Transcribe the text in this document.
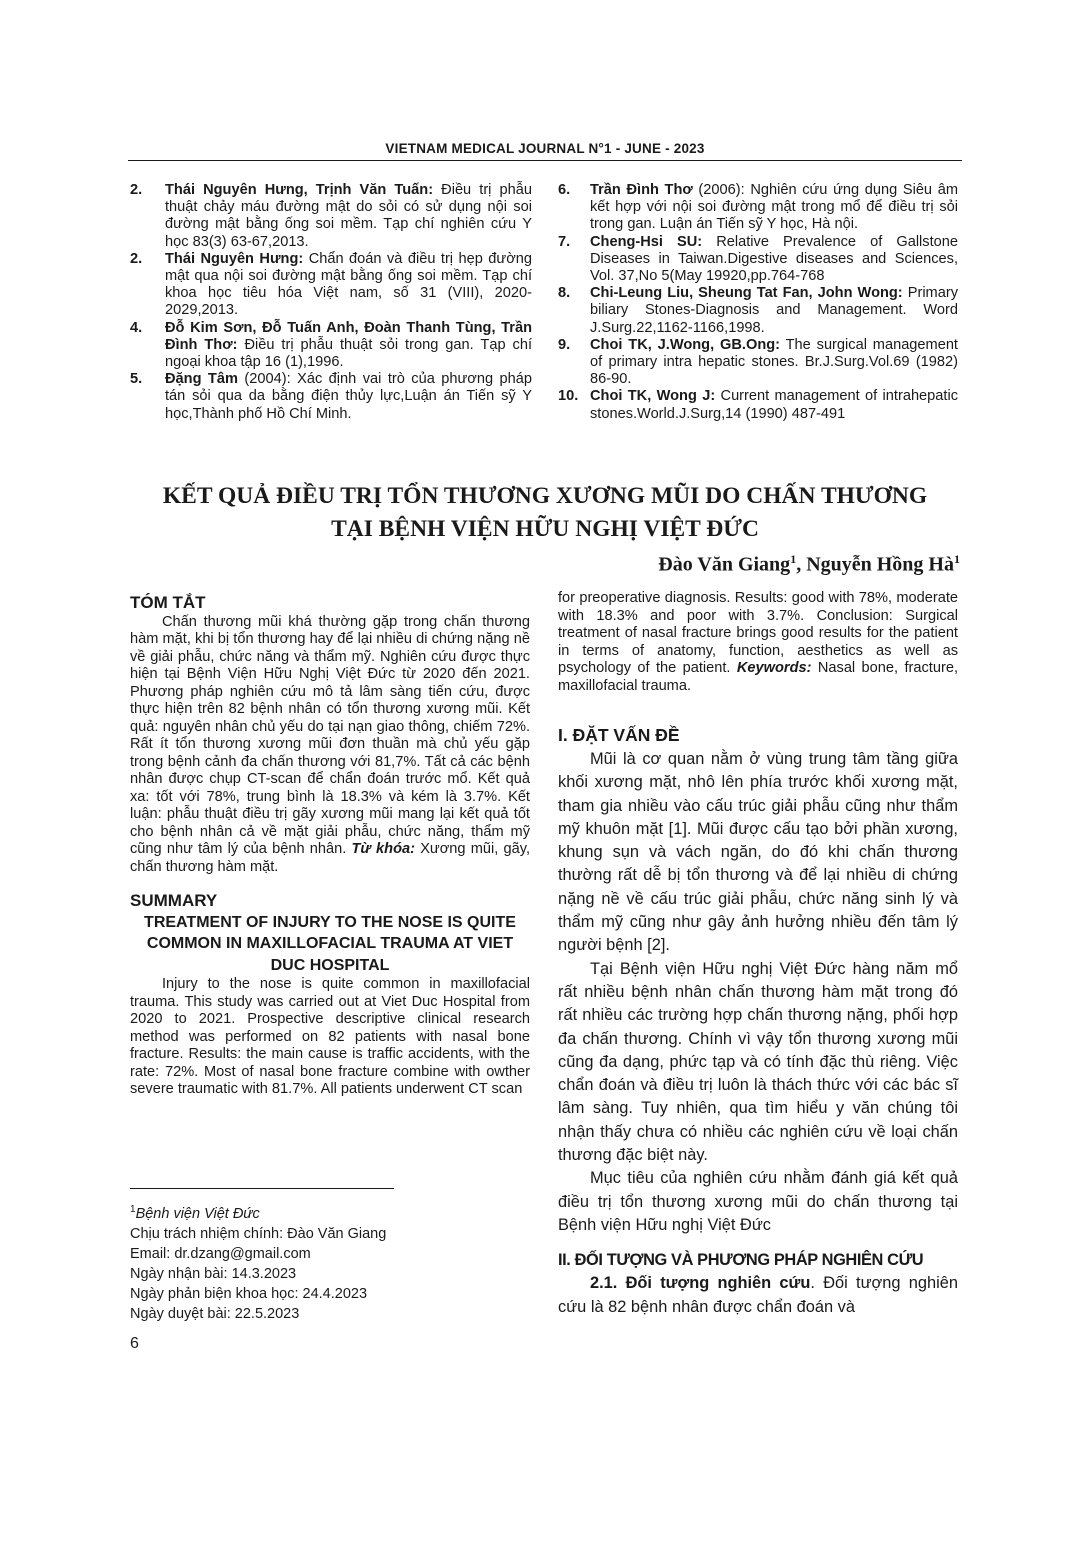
VIETNAM MEDICAL JOURNAL N°1 - JUNE - 2023
2.	Thái Nguyên Hưng, Trịnh Văn Tuấn: Điều trị phẫu thuật chảy máu đường mật do sỏi có sử dụng nội soi đường mật bằng ống soi mềm. Tạp chí nghiên cứu Y học 83(3) 63-67,2013.
2.	Thái Nguyên Hưng: Chẩn đoán và điều trị hẹp đường mật qua nội soi đường mật bằng ống soi mềm. Tạp chí khoa học tiêu hóa Việt nam, số 31 (VIII), 2020-2029,2013.
4.	Đỗ Kim Sơn, Đỗ Tuấn Anh, Đoàn Thanh Tùng, Trần Đình Thơ: Điều trị phẫu thuật sỏi trong gan. Tạp chí ngoại khoa tập 16 (1),1996.
5.	Đặng Tâm (2004): Xác định vai trò của phương pháp tán sỏi qua da bằng điện thủy lực,Luận án Tiến sỹ Y học,Thành phố Hồ Chí Minh.
6.	Trần Đình Thơ (2006): Nghiên cứu ứng dụng Siêu âm kết hợp với nội soi đường mật trong mổ để điều trị sỏi trong gan. Luận án Tiến sỹ Y học, Hà nội.
7.	Cheng-Hsi SU: Relative Prevalence of Gallstone Diseases in Taiwan.Digestive diseases and Sciences, Vol. 37,No 5(May 19920,pp.764-768
8.	Chi-Leung Liu, Sheung Tat Fan, John Wong: Primary biliary Stones-Diagnosis and Management. Word J.Surg.22,1162-1166,1998.
9.	Choi TK, J.Wong, GB.Ong: The surgical management of primary intra hepatic stones. Br.J.Surg.Vol.69 (1982) 86-90.
10. Choi TK, Wong J: Current management of intrahepatic stones.World.J.Surg,14 (1990) 487-491
KẾT QUẢ ĐIỀU TRỊ TỔN THƯƠNG XƯƠNG MŨI DO CHẤN THƯƠNG
TẠI BỆNH VIỆN HỮU NGHỊ VIỆT ĐỨC
Đào Văn Giang$^1$, Nguyễn Hồng $Hà^1$
TÓM TẮT

Chấn thương mũi khá thường gặp trong chấn thương hàm mặt, khi bị tổn thương hay để lại nhiều di chứng nặng nề về giải phẫu, chức năng và thẩm mỹ. Nghiên cứu được thực hiện tại Bệnh Viện Hữu Nghị Việt Đức từ 2020 đến 2021. Phương pháp nghiên cứu mô tả lâm sàng tiến cứu, được thực hiện trên 82 bệnh nhân có tổn thương xương mũi. Kết quả: nguyên nhân chủ yếu do tại nạn giao thông, chiếm 72%. Rất ít tổn thương xương mũi đơn thuần mà chủ yếu gặp trong bệnh cảnh đa chấn thương với 81,7%. Tất cả các bệnh nhân được chụp CT-scan để chẩn đoán trước mổ. Kết quả xa: tốt với 78%, trung bình là 18.3% và kém là 3.7%. Kết luận: phẫu thuật điều trị gãy xương mũi mang lại kết quả tốt cho bệnh nhân cả về mặt giải phẫu, chức năng, thẩm mỹ cũng như tâm lý của bệnh nhân. Từ khóa: Xương mũi, gãy, chấn thương hàm mặt.

SUMMARY
TREATMENT OF INJURY TO THE NOSE IS QUITE COMMON IN MAXILLOFACIAL TRAUMA AT VIET DUC HOSPITAL

Injury to the nose is quite common in maxillofacial trauma. This study was carried out at Viet Duc Hospital from 2020 to 2021. Prospective descriptive clinical research method was performed on 82 patients with nasal bone fracture. Results: the main cause is traffic accidents, with the rate: 72%. Most of nasal bone fracture combine with owther severe traumatic with 81.7%. All patients underwent CT scan

for preoperative diagnosis. Results: good with 78%, moderate with 18.3% and poor with 3.7%. Conclusion: Surgical treatment of nasal fracture brings good results for the patient in terms of anatomy, function, aesthetics as well as psychology of the patient. Keywords: Nasal bone, fracture, maxillofacial trauma.

I. ĐẶT VẤN ĐỀ

Mũi là cơ quan nằm ở vùng trung tâm tầng giữa khối xương mặt, nhô lên phía trước khối xương mặt, tham gia nhiều vào cấu trúc giải phẫu cũng như thẩm mỹ khuôn mặt [1]. Mũi được cấu tạo bởi phần xương, khung sụn và vách ngăn, do đó khi chấn thương thường rất dễ bị tổn thương và để lại nhiều di chứng nặng nề về cấu trúc giải phẫu, chức năng sinh lý và thẩm mỹ cũng như gây ảnh hưởng nhiều đến tâm lý người bệnh [2].

Tại Bệnh viện Hữu nghị Việt Đức hàng năm mổ rất nhiều bệnh nhân chấn thương hàm mặt trong đó rất nhiều các trường hợp chấn thương nặng, phối hợp đa chấn thương. Chính vì vậy tổn thương xương mũi cũng đa dạng, phức tạp và có tính đặc thù riêng. Việc chẩn đoán và điều trị luôn là thách thức với các bác sĩ lâm sàng. Tuy nhiên, qua tìm hiểu y văn chúng tôi nhận thấy chưa có nhiều các nghiên cứu về loại chấn thương đặc biệt này.

Mục tiêu của nghiên cứu nhằm đánh giá kết quả điều trị tổn thương xương mũi do chấn thương tại Bệnh viện Hữu nghị Việt Đức

II. ĐỐI TƯỢNG VÀ PHƯƠNG PHÁP NGHIÊN CỨU

2.1. Đối tượng nghiên cứu. Đối tượng nghiên cứu là 82 bệnh nhân được chẩn đoán và

$^1$Bệnh viện Việt Đức
Chịu trách nhiệm chính: Đào Văn Giang
Email: dr.dzang@gmail.com
Ngày nhận bài: 14.3.2023
Ngày phản biện khoa học: 24.4.2023
Ngày duyệt bài: 22.5.2023
6
